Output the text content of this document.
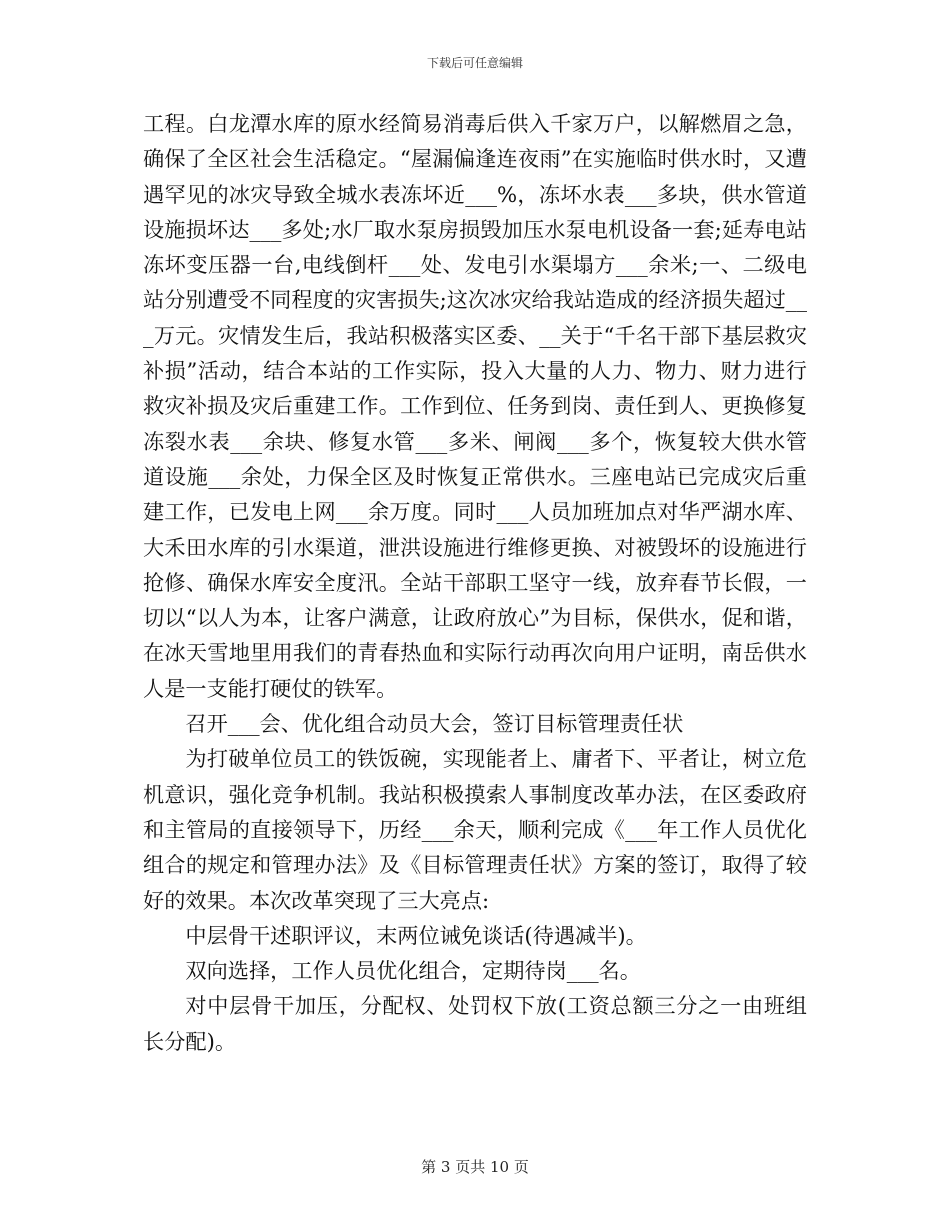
下载后可任意编辑

工程。白龙潭水库的原水经简易消毒后供入千家万户，以解燃眉之急，确保了全区社会生活稳定。“屋漏偏逢连夜雨”在实施临时供水时，又遭遇罕见的冰灾导致全城水表冻坏近___%，冻坏水表___多块，供水管道设施损坏达___多处;水厂取水泵房损毁加压水泵电机设备一套;延寿电站冻坏变压器一台,电线倒杆___处、发电引水渠塌方___余米;一、二级电站分别遭受不同程度的灾害损失;这次冰灾给我站造成的经济损失超过___万元。灾情发生后，我站积极落实区委、__关于“千名干部下基层救灾补损”活动，结合本站的工作实际，投入大量的人力、物力、财力进行救灾补损及灾后重建工作。工作到位、任务到岗、责任到人、更换修复冻裂水表___余块、修复水管___多米、闸阀___多个，恢复较大供水管道设施___余处，力保全区及时恢复正常供水。三座电站已完成灾后重建工作，已发电上网___余万度。同时___人员加班加点对华严湖水库、大禾田水库的引水渠道，泄洪设施进行维修更换、对被毁坏的设施进行抢修、确保水库安全度汛。全站干部职工坚守一线，放弃春节长假，一切以“以人为本，让客户满意，让政府放心”为目标，保供水，促和谐，在冰天雪地里用我们的青春热血和实际行动再次向用户证明，南岳供水人是一支能打硬仗的铁军。

召开___会、优化组合动员大会，签订目标管理责任状

为打破单位员工的铁饭碗，实现能者上、庸者下、平者让，树立危机意识，强化竞争机制。我站积极摸索人事制度改革办法，在区委政府和主管局的直接领导下，历经___余天，顺利完成《___年工作人员优化组合的规定和管理办法》及《目标管理责任状》方案的签订，取得了较好的效果。本次改革突现了三大亮点:

中层骨干述职评议，末两位诫免谈话(待遇减半)。

双向选择，工作人员优化组合，定期待岗___名。

对中层骨干加压，分配权、处罚权下放(工资总额三分之一由班组长分配)。

第 3 页共 10 页
